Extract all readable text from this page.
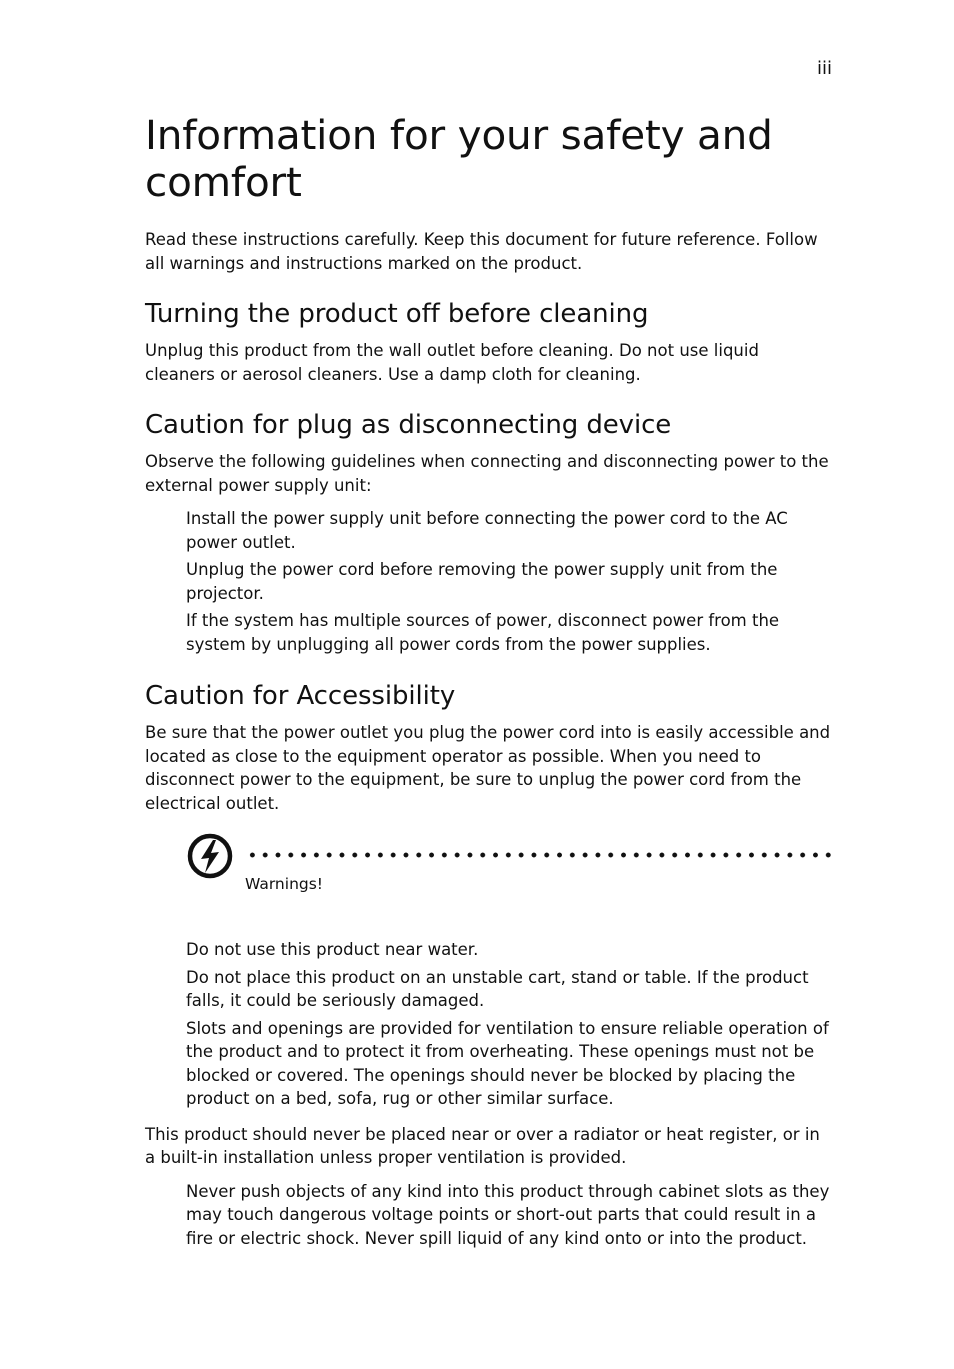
iii
Information for your safety and comfort

Read these instructions carefully. Keep this document for future reference. Follow all warnings and instructions marked on the product.

Turning the product off before cleaning

Unplug this product from the wall outlet before cleaning. Do not use liquid cleaners or aerosol cleaners. Use a damp cloth for cleaning.

Caution for plug as disconnecting device

Observe the following guidelines when connecting and disconnecting power to the external power supply unit:

Install the power supply unit before connecting the power cord to the AC power outlet.

Unplug the power cord before removing the power supply unit from the projector.

If the system has multiple sources of power, disconnect power from the system by unplugging all power cords from the power supplies.

Caution for Accessibility

Be sure that the power outlet you plug the power cord into is easily accessible and located as close to the equipment operator as possible. When you need to disconnect power to the equipment, be sure to unplug the power cord from the electrical outlet.

Warnings!

Do not use this product near water.

Do not place this product on an unstable cart, stand or table. If the product falls, it could be seriously damaged.

Slots and openings are provided for ventilation to ensure reliable operation of the product and to protect it from overheating. These openings must not be blocked or covered. The openings should never be blocked by placing the product on a bed, sofa, rug or other similar surface.

This product should never be placed near or over a radiator or heat register, or in a built-in installation unless proper ventilation is provided.

Never push objects of any kind into this product through cabinet slots as they may touch dangerous voltage points or short-out parts that could result in a fire or electric shock. Never spill liquid of any kind onto or into the product.
